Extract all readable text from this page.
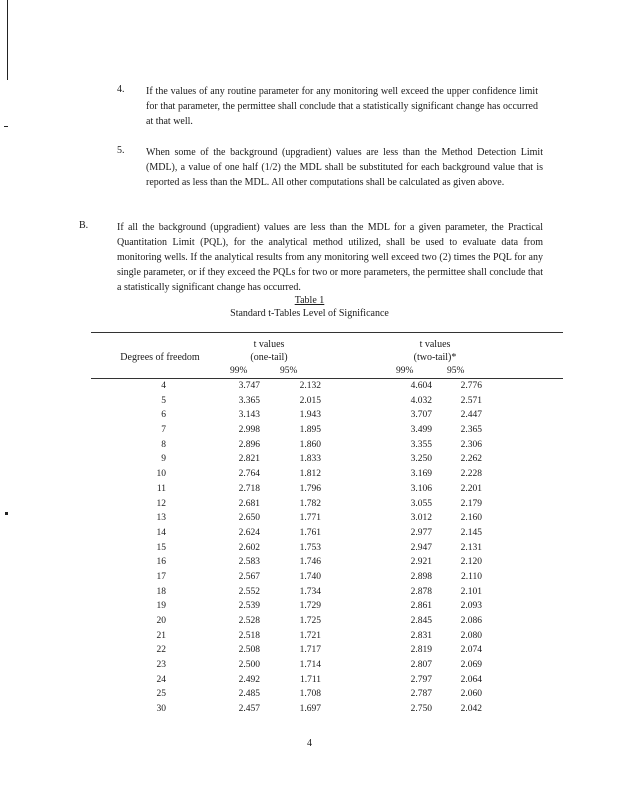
4. If the values of any routine parameter for any monitoring well exceed the upper confidence limit for that parameter, the permittee shall conclude that a statistically significant change has occurred at that well.
5. When some of the background (upgradient) values are less than the Method Detection Limit (MDL), a value of one half (1/2) the MDL shall be substituted for each background value that is reported as less than the MDL. All other computations shall be calculated as given above.
B.	If all the background (upgradient) values are less than the MDL for a given parameter, the Practical Quantitation Limit (PQL), for the analytical method utilized, shall be used to evaluate data from monitoring wells. If the analytical results from any monitoring well exceed two (2) times the PQL for any single parameter, or if they exceed the PQLs for two or more parameters, the permittee shall conclude that a statistically significant change has occurred.
Table 1
Standard t-Tables Level of Significance
t values
(one-tail)
t values
(two-tail)*
Degrees of freedom
99%	95%	99%	95%
4	3.747	2.132	4.604	2.776
5	3.365	2.015	4.032	2.571
6	3.143	1.943	3.707	2.447
7	2.998	1.895	3.499	2.365
8	2.896	1.860	3.355	2.306
9	2.821	1.833	3.250	2.262
10	2.764	1.812	3.169	2.228
11	2.718	1.796	3.106	2.201
12	2.681	1.782	3.055	2.179
13	2.650	1.771	3.012	2.160
14	2.624	1.761	2.977	2.145
15	2.602	1.753	2.947	2.131
16	2.583	1.746	2.921	2.120
17	2.567	1.740	2.898	2.110
18	2.552	1.734	2.878	2.101
19	2.539	1.729	2.861	2.093
20	2.528	1.725	2.845	2.086
21	2.518	1.721	2.831	2.080
22	2.508	1.717	2.819	2.074
23	2.500	1.714	2.807	2.069
24	2.492	1.711	2.797	2.064
25	2.485	1.708	2.787	2.060
30	2.457	1.697	2.750	2.042
4
